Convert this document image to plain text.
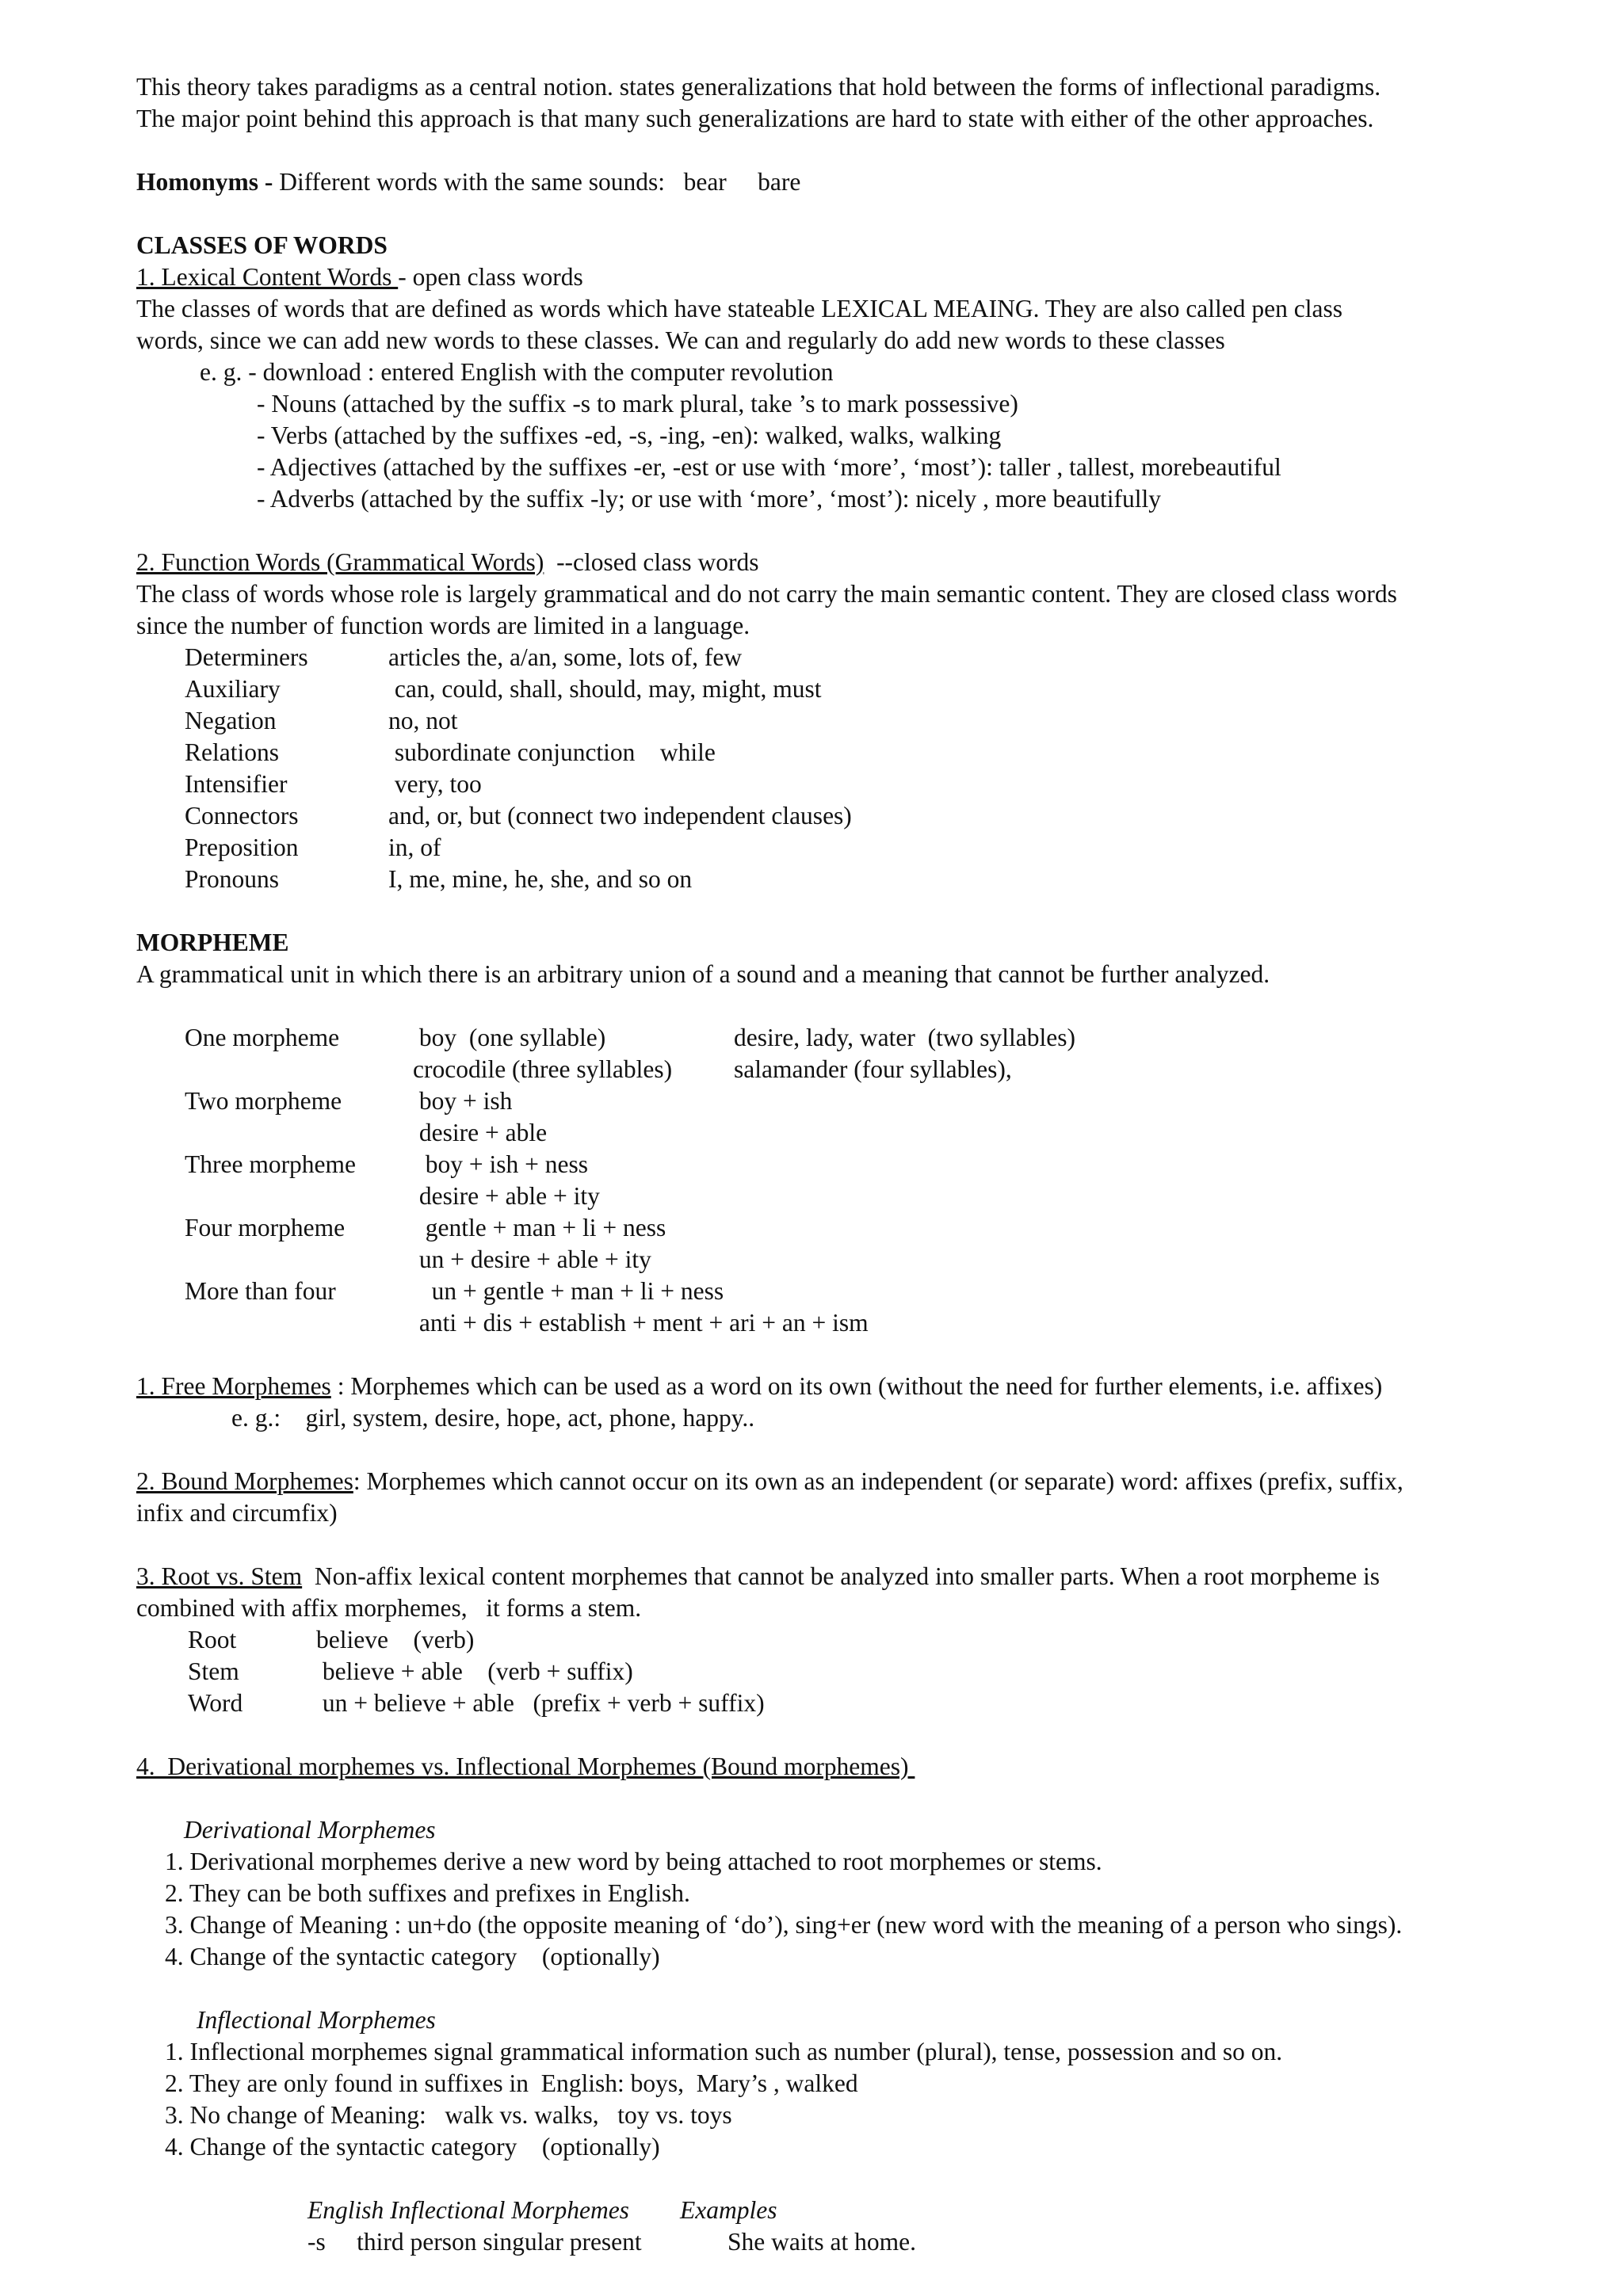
This theory takes paradigms as a central notion. states generalizations that hold between the forms of inflectional paradigms.

The major point behind this approach is that many such generalizations are hard to state with either of the other approaches.

Homonyms - Different words with the same sounds:   bear     bare

CLASSES OF WORDS

1. Lexical Content Words - open class words

The classes of words that are defined as words which have stateable LEXICAL MEAING. They are also called pen class

words, since we can add new words to these classes. We can and regularly do add new words to these classes

e. g. - download : entered English with the computer revolution

- Nouns (attached by the suffix -s to mark plural, take ’s to mark possessive)

- Verbs (attached by the suffixes -ed, -s, -ing, -en): walked, walks, walking

- Adjectives (attached by the suffixes -er, -est or use with ‘more’, ‘most’): taller , tallest, morebeautiful

- Adverbs (attached by the suffix -ly; or use with ‘more’, ‘most’): nicely , more beautifully

2. Function Words (Grammatical Words)  --closed class words

The class of words whose role is largely grammatical and do not carry the main semantic content. They are closed class words

since the number of function words are limited in a language.

Determiners	articles the, a/an, some, lots of, few
Auxiliary	can, could, shall, should, may, might, must
Negation	no, not
Relations	subordinate conjunction    while
Intensifier	very, too
Connectors	and, or, but (connect two independent clauses)
Preposition	in, of
Pronouns	I, me, mine, he, she, and so on

MORPHEME

A grammatical unit in which there is an arbitrary union of a sound and a meaning that cannot be further analyzed.

One morpheme	boy  (one syllable)	desire, lady, water  (two syllables)
crocodile (three syllables)	salamander (four syllables),
Two morpheme	boy + ish
desire + able
Three morpheme	boy + ish + ness
desire + able + ity
Four morpheme	gentle + man + li + ness
un + desire + able + ity
More than four	un + gentle + man + li + ness
anti + dis + establish + ment + ari + an + ism

1. Free Morphemes : Morphemes which can be used as a word on its own (without the need for further elements, i.e. affixes)

e. g.:    girl, system, desire, hope, act, phone, happy..

2. Bound Morphemes: Morphemes which cannot occur on its own as an independent (or separate) word: affixes (prefix, suffix,

infix and circumfix)

3. Root vs. Stem  Non-affix lexical content morphemes that cannot be analyzed into smaller parts. When a root morpheme is

combined with affix morphemes,   it forms a stem.

Root	believe    (verb)
Stem	believe + able    (verb + suffix)
Word	un + believe + able   (prefix + verb + suffix)

4.  Derivational morphemes vs. Inflectional Morphemes (Bound morphemes)

Derivational Morphemes

1. Derivational morphemes derive a new word by being attached to root morphemes or stems.

2. They can be both suffixes and prefixes in English.

3. Change of Meaning : un+do (the opposite meaning of ‘do’), sing+er (new word with the meaning of a person who sings).

4. Change of the syntactic category    (optionally)

Inflectional Morphemes

1. Inflectional morphemes signal grammatical information such as number (plural), tense, possession and so on.

2. They are only found in suffixes in  English: boys,  Mary’s , walked

3. No change of Meaning:   walk vs. walks,   toy vs. toys

4. Change of the syntactic category    (optionally)

English Inflectional Morphemes	Examples
-s     third person singular present	She waits at home.
